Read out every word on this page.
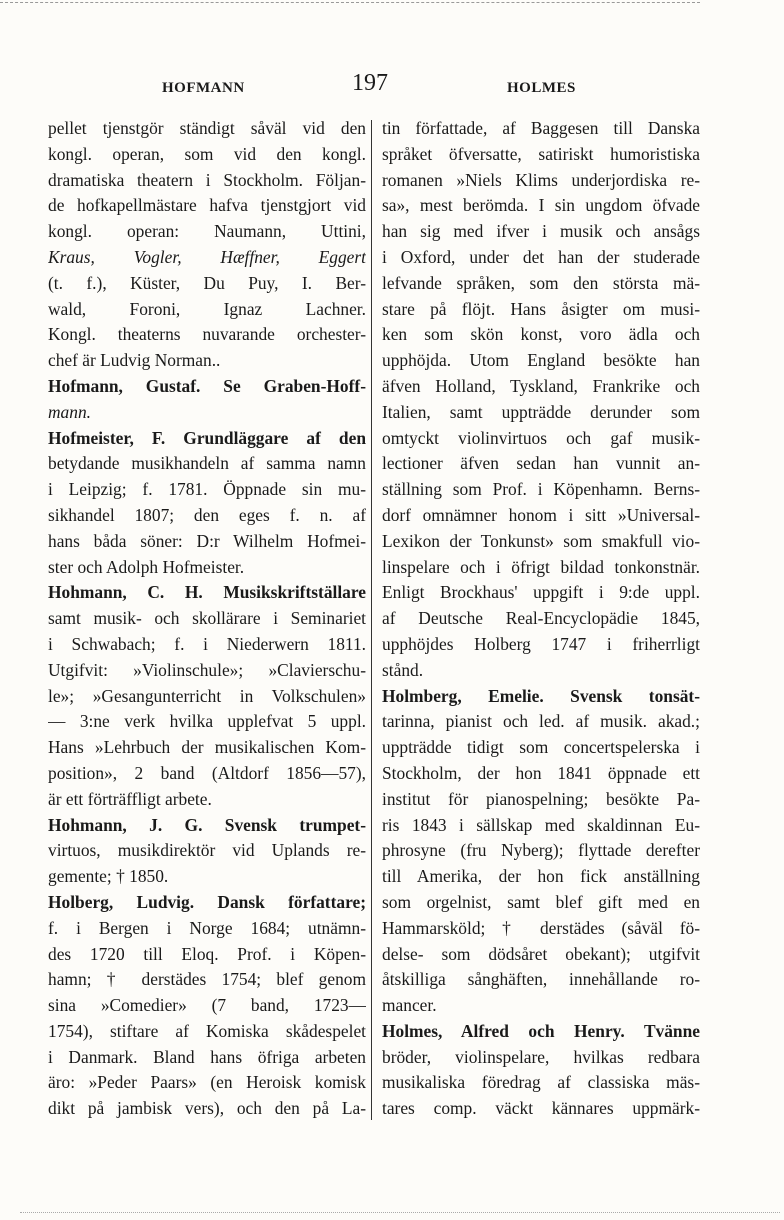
HOFMANN	197	HOLMES
pellet tjenstgör ständigt såväl vid den
kongl. operan, som vid den kongl.
dramatiska theatern i Stockholm. Följan-
de hofkapellmästare hafva tjenstgjort vid
kongl. operan: Naumann, Uttini,
Kraus, Vogler, Hæffner, Eggert
(t. f.), Küster, Du Puy, I. Ber-
wald, Foroni, Ignaz Lachner.
Kongl. theaterns nuvarande orchester-
chef är Ludvig Norman..
Hofmann, Gustaf. Se Graben-Hoff-
mann.
Hofmeister, F. Grundläggare af den
betydande musikhandeln af samma namn
i Leipzig; f. 1781. Öppnade sin mu-
sikhandel 1807; den eges f. n. af
hans båda söner: D:r Wilhelm Hofmei-
ster och Adolph Hofmeister.
Hohmann, C. H. Musikskriftställare
samt musik- och skollärare i Seminariet
i Schwabach; f. i Niederwern 1811.
Utgifvit: »Violinschule»; »Clavierschu-
le»; »Gesangunterricht in Volkschulen»
— 3:ne verk hvilka upplefvat 5 uppl.
Hans »Lehrbuch der musikalischen Kom-
position», 2 band (Altdorf 1856—57),
är ett förträffligt arbete.
Hohmann, J. G. Svensk trumpet-
virtuos, musikdirektör vid Uplands re-
gemente; † 1850.
Holberg, Ludvig. Dansk författare;
f. i Bergen i Norge 1684; utnämn-
des 1720 till Eloq. Prof. i Köpen-
hamn; † derstädes 1754; blef genom
sina »Comedier» (7 band, 1723—
1754), stiftare af Komiska skådespelet
i Danmark. Bland hans öfriga arbeten
äro: »Peder Paars» (en Heroisk komisk
dikt på jambisk vers), och den på La-
tin författade, af Baggesen till Danska
språket öfversatte, satiriskt humoristiska
romanen »Niels Klims underjordiska re-
sa», mest berömda. I sin ungdom öfvade
han sig med ifver i musik och ansågs
i Oxford, under det han der studerade
lefvande språken, som den största mä-
stare på flöjt. Hans åsigter om musi-
ken som skön konst, voro ädla och
upphöjda. Utom England besökte han
äfven Holland, Tyskland, Frankrike och
Italien, samt uppträdde derunder som
omtyckt violinvirtuos och gaf musik-
lectioner äfven sedan han vunnit an-
ställning som Prof. i Köpenhamn. Berns-
dorf omnämner honom i sitt »Universal-
Lexikon der Tonkunst» som smakfull vio-
linspelare och i öfrigt bildad tonkonstnär.
Enligt Brockhaus' uppgift i 9:de uppl.
af Deutsche Real-Encyclopädie 1845,
upphöjdes Holberg 1747 i friherrligt
stånd.
Holmberg, Emelie. Svensk tonsät-
tarinna, pianist och led. af musik. akad.;
uppträdde tidigt som concertspelerska i
Stockholm, der hon 1841 öppnade ett
institut för pianospelning; besökte Pa-
ris 1843 i sällskap med skaldinnan Eu-
phrosyne (fru Nyberg); flyttade derefter
till Amerika, der hon fick anställning
som orgelnist, samt blef gift med en
Hammarsköld; † derstädes (såväl fö-
delse- som dödsåret obekant); utgifvit
åtskilliga sånghäften, innehållande ro-
mancer.
Holmes, Alfred och Henry. Tvänne
bröder, violinspelare, hvilkas redbara
musikaliska föredrag af classiska mäs-
tares comp. väckt kännares uppmärk-
